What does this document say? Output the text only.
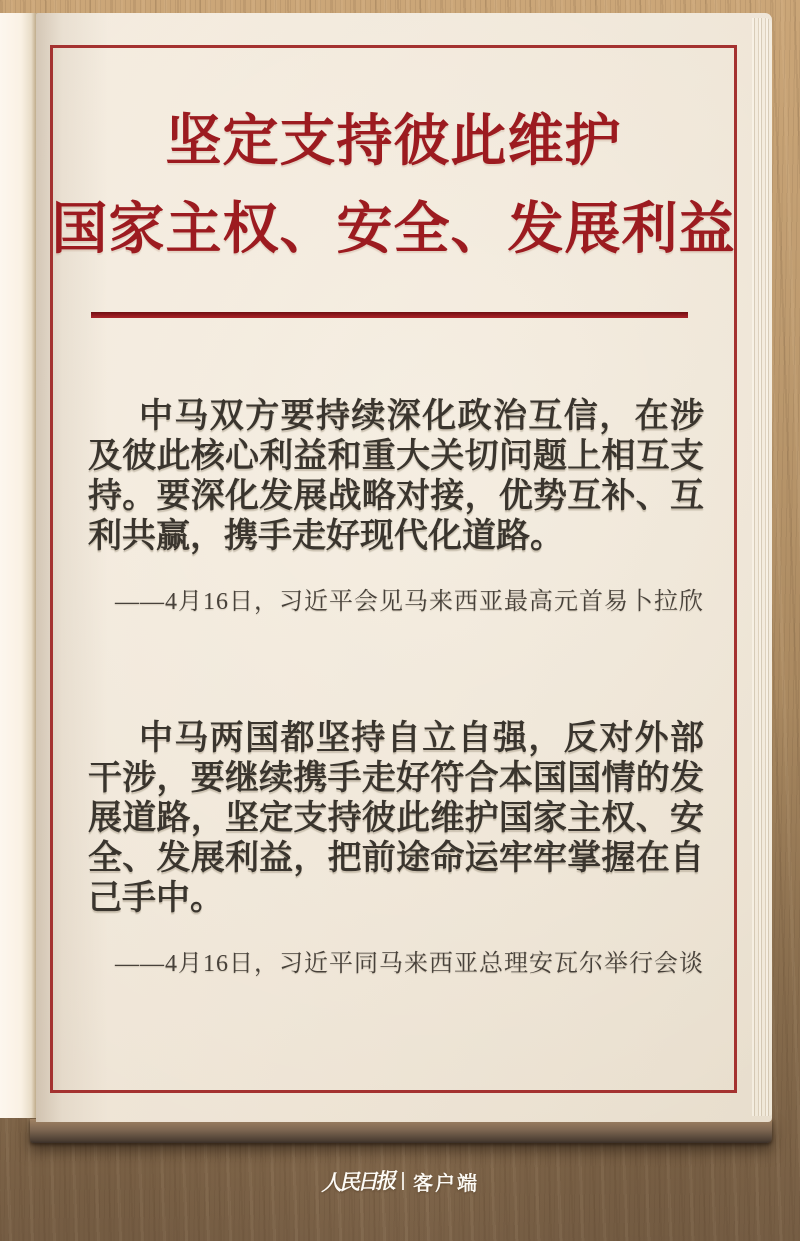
坚定支持彼此维护
国家主权、安全、发展利益
中马双方要持续深化政治互信，在涉及彼此核心利益和重大关切问题上相互支持。要深化发展战略对接，优势互补、互利共赢，携手走好现代化道路。
——4月16日，习近平会见马来西亚最高元首易卜拉欣
中马两国都坚持自立自强，反对外部干涉，要继续携手走好符合本国国情的发展道路，坚定支持彼此维护国家主权、安全、发展利益，把前途命运牢牢掌握在自己手中。
——4月16日，习近平同马来西亚总理安瓦尔举行会谈
人民日报 客户端
